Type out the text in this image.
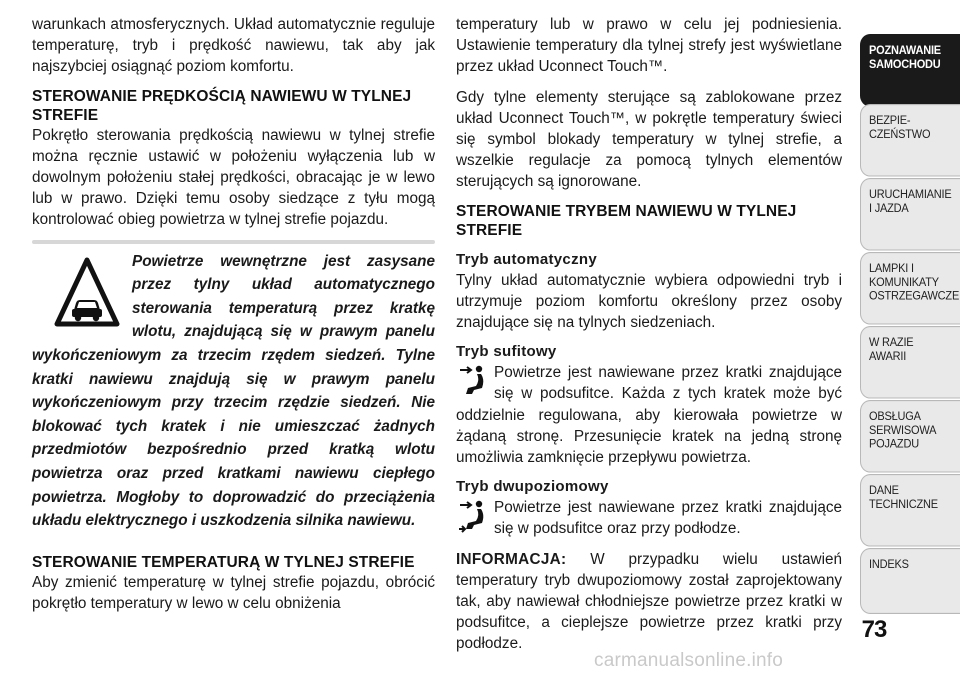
warunkach atmosferycznych. Układ automatycznie reguluje temperaturę, tryb i prędkość nawiewu, tak aby jak najszybciej osiągnąć poziom komfortu.

STEROWANIE PRĘDKOŚCIĄ NAWIEWU W TYLNEJ STREFIE

Pokrętło sterowania prędkością nawiewu w tylnej strefie można ręcznie ustawić w położeniu wyłączenia lub w dowolnym położeniu stałej prędkości, obracając je w lewo lub w prawo. Dzięki temu osoby siedzące z tyłu mogą kontrolować obieg powietrza w tylnej strefie pojazdu.

Powietrze wewnętrzne jest zasysane przez tylny układ automatycznego sterowania temperaturą przez kratkę wlotu, znajdującą się w prawym panelu wykończeniowym za trzecim rzędem siedzeń. Tylne kratki nawiewu znajdują się w prawym panelu wykończeniowym przy trzecim rzędzie siedzeń. Nie blokować tych kratek i nie umieszczać żadnych przedmiotów bezpośrednio przed kratką wlotu powietrza oraz przed kratkami nawiewu ciepłego powietrza. Mogłoby to doprowadzić do przeciążenia układu elektrycznego i uszkodzenia silnika nawiewu.

STEROWANIE TEMPERATURĄ W TYLNEJ STREFIE

Aby zmienić temperaturę w tylnej strefie pojazdu, obrócić pokrętło temperatury w lewo w celu obniżenia

temperatury lub w prawo w celu jej podniesienia. Ustawienie temperatury dla tylnej strefy jest wyświetlane przez układ Uconnect Touch™.

Gdy tylne elementy sterujące są zablokowane przez układ Uconnect Touch™, w pokrętle temperatury świeci się symbol blokady temperatury w tylnej strefie, a wszelkie regulacje za pomocą tylnych elementów sterujących są ignorowane.

STEROWANIE TRYBEM NAWIEWU W TYLNEJ STREFIE
Tryb automatyczny

Tylny układ automatycznie wybiera odpowiedni tryb i utrzymuje poziom komfortu określony przez osoby znajdujące się na tylnych siedzeniach.

Tryb sufitowy

Powietrze jest nawiewane przez kratki znajdujące się w podsufitce. Każda z tych kratek może być oddzielnie regulowana, aby kierowała powietrze w żądaną stronę. Przesunięcie kratek na jedną stronę umożliwia zamknięcie przepływu powietrza.

Tryb dwupoziomowy

Powietrze jest nawiewane przez kratki znajdujące się w podsufitce oraz przy podłodze.

INFORMACJA: W przypadku wielu ustawień temperatury tryb dwupoziomowy został zaprojektowany tak, aby nawiewał chłodniejsze powietrze przez kratki w podsufitce, a cieplejsze powietrze przez kratki przy podłodze.

POZNAWANIE
SAMOCHODU
BEZPIE-
CZEŃSTWO
URUCHAMIANIE
I JAZDA
LAMPKI I
KOMUNIKATY
OSTRZEGAWCZE
W RAZIE
AWARII
OBSŁUGA
SERWISOWA
POJAZDU
DANE
TECHNICZNE
INDEKS
73
carmanualsonline.info
